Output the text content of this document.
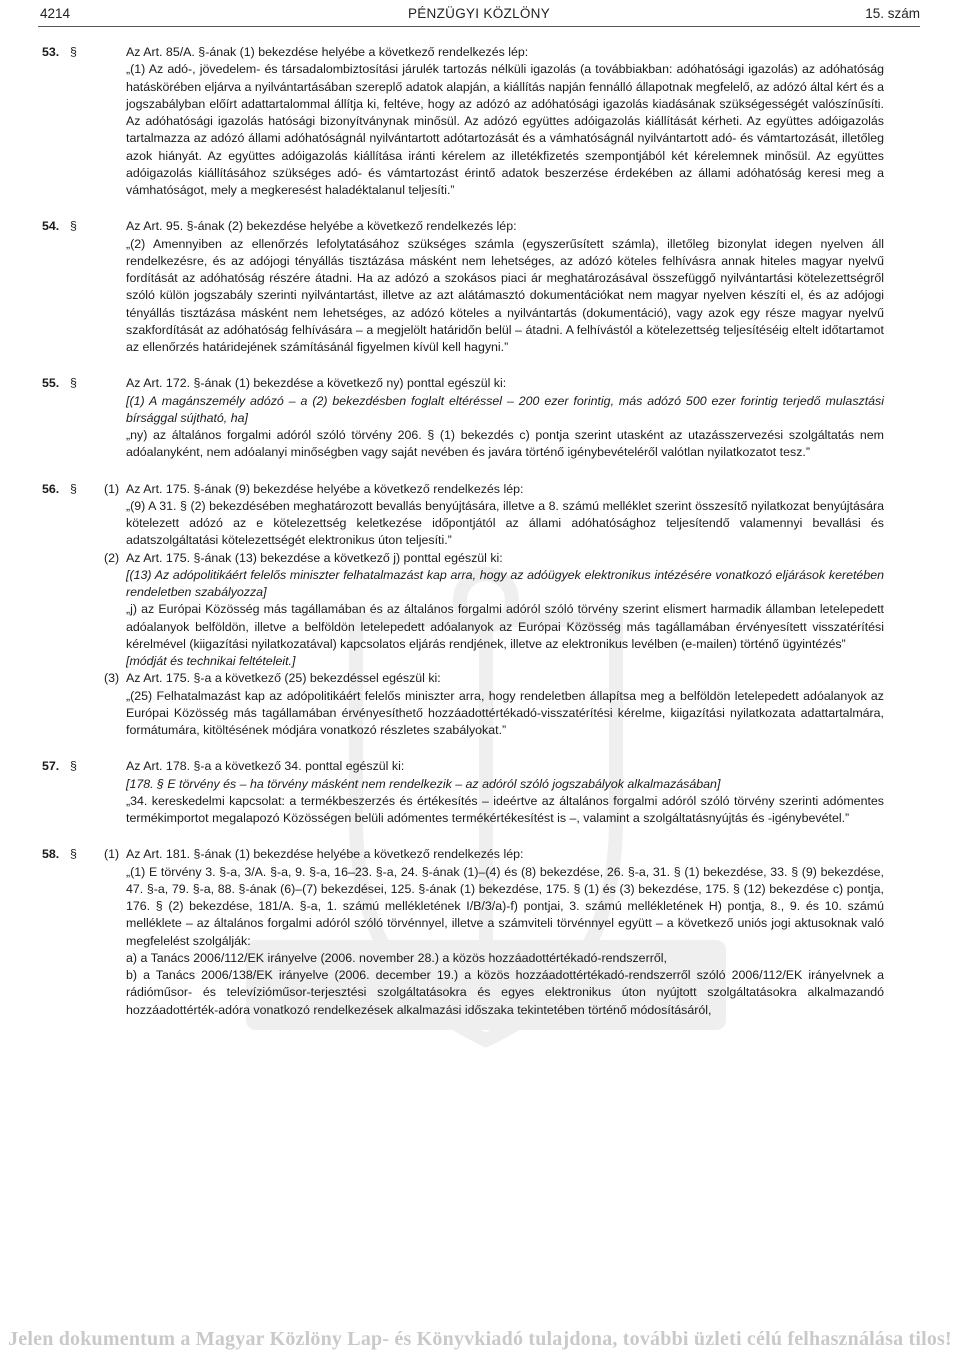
4214	PÉNZÜGYI KÖZLÖNY	15. szám
53. §	Az Art. 85/A. §-ának (1) bekezdése helyébe a következő rendelkezés lép:

„(1) Az adó-, jövedelem- és társadalombiztosítási járulék tartozás nélküli igazolás (a továbbiakban: adóhatósági igazolás) az adóhatóság hatáskörében eljárva a nyilvántartásában szereplő adatok alapján, a kiállítás napján fennálló állapotnak megfelelő, az adózó által kért és a jogszabályban előírt adattartalommal állítja ki, feltéve, hogy az adózó az adóhatósági igazolás kiadásának szükségességét valószínűsíti. Az adóhatósági igazolás hatósági bizonyítványnak minősül. Az adózó együttes adóigazolás kiállítását kérheti. Az együttes adóigazolás tartalmazza az adózó állami adóhatóságnál nyilvántartott adótartozását és a vámhatóságnál nyilvántartott adó- és vámtartozását, illetőleg azok hiányát. Az együttes adóigazolás kiállítása iránti kérelem az illetékfizetés szempontjából két kérelemnek minősül. Az együttes adóigazolás kiállításához szükséges adó- és vámtartozást érintő adatok beszerzése érdekében az állami adóhatóság keresi meg a vámhatóságot, mely a megkeresést haladéktalanul teljesíti.”

54. §	Az Art. 95. §-ának (2) bekezdése helyébe a következő rendelkezés lép:

„(2) Amennyiben az ellenőrzés lefolytatásához szükséges számla (egyszerűsített számla), illetőleg bizonylat idegen nyelven áll rendelkezésre, és az adójogi tényállás tisztázása másként nem lehetséges, az adózó köteles felhívásra annak hiteles magyar nyelvű fordítását az adóhatóság részére átadni. Ha az adózó a szokásos piaci ár meghatározásával összefüggő nyilvántartási kötelezettségről szóló külön jogszabály szerinti nyilvántartást, illetve az azt alátámasztó dokumentációkat nem magyar nyelven készíti el, és az adójogi tényállás tisztázása másként nem lehetséges, az adózó köteles a nyilvántartás (dokumentáció), vagy azok egy része magyar nyelvű szakfordítását az adóhatóság felhívására – a megjelölt határidőn belül – átadni. A felhívástól a kötelezettség teljesítéséig eltelt időtartamot az ellenőrzés határidejének számításánál figyelmen kívül kell hagyni.”

55. §	Az Art. 172. §-ának (1) bekezdése a következő ny) ponttal egészül ki:

[(1) A magánszemély adózó – a (2) bekezdésben foglalt eltéréssel – 200 ezer forintig, más adózó 500 ezer forintig terjedő mulasztási bírsággal sújtható, ha]

„ny) az általános forgalmi adóról szóló törvény 206. § (1) bekezdés c) pontja szerint utasként az utazásszervezési szolgáltatás nem adóalanyként, nem adóalanyi minőségben vagy saját nevében és javára történő igénybevételéről valótlan nyilatkozatot tesz.”

56. § (1) Az Art. 175. §-ának (9) bekezdése helyébe a következő rendelkezés lép:

„(9) A 31. § (2) bekezdésében meghatározott bevallás benyújtására, illetve a 8. számú melléklet szerint összesítő nyilatkozat benyújtására kötelezett adózó az e kötelezettség keletkezése időpontjától az állami adóhatósághoz teljesítendő valamennyi bevallási és adatszolgáltatási kötelezettségét elektronikus úton teljesíti.”

(2) Az Art. 175. §-ának (13) bekezdése a következő j) ponttal egészül ki:

[(13) Az adópolitikáért felelős miniszter felhatalmazást kap arra, hogy az adóügyek elektronikus intézésére vonatkozó eljárások keretében rendeletben szabályozza]

„j) az Európai Közösség más tagállamában és az általános forgalmi adóról szóló törvény szerint elismert harmadik államban letelepedett adóalanyok belföldön, illetve a belföldön letelepedett adóalanyok az Európai Közösség más tagállamában érvényesített visszatérítési kérelmével (kiigazítási nyilatkozatával) kapcsolatos eljárás rendjének, illetve az elektronikus levélben (e-mailen) történő ügyintézés”

[módját és technikai feltételeit.]

(3) Az Art. 175. §-a a következő (25) bekezdéssel egészül ki:

„(25) Felhatalmazást kap az adópolitikáért felelős miniszter arra, hogy rendeletben állapítsa meg a belföldön letelepedett adóalanyok az Európai Közösség más tagállamában érvényesíthető hozzáadottértékadó-visszatérítési kérelme, kiigazítási nyilatkozata adattartalmára, formátumára, kitöltésének módjára vonatkozó részletes szabályokat.”

57. §	Az Art. 178. §-a a következő 34. ponttal egészül ki:

[178. § E törvény és – ha törvény másként nem rendelkezik – az adóról szóló jogszabályok alkalmazásában]

„34. kereskedelmi kapcsolat: a termékbeszerzés és értékesítés – ideértve az általános forgalmi adóról szóló törvény szerinti adómentes termékimportot megalapozó Közösségen belüli adómentes termékértékesítést is –, valamint a szolgáltatásnyújtás és -igénybevétel.”

58. § (1) Az Art. 181. §-ának (1) bekezdése helyébe a következő rendelkezés lép:

„(1) E törvény 3. §-a, 3/A. §-a, 9. §-a, 16–23. §-a, 24. §-ának (1)–(4) és (8) bekezdése, 26. §-a, 31. § (1) bekezdése, 33. § (9) bekezdése, 47. §-a, 79. §-a, 88. §-ának (6)–(7) bekezdései, 125. §-ának (1) bekezdése, 175. § (1) és (3) bekezdése, 175. § (12) bekezdése c) pontja, 176. § (2) bekezdése, 181/A. §-a, 1. számú mellékletének I/B/3/a)-f) pontjai, 3. számú mellékletének H) pontja, 8., 9. és 10. számú melléklete – az általános forgalmi adóról szóló törvénnyel, illetve a számviteli törvénnyel együtt – a következő uniós jogi aktusoknak való megfelelést szolgálják:

a) a Tanács 2006/112/EK irányelve (2006. november 28.) a közös hozzáadottértékadó-rendszerről,

b) a Tanács 2006/138/EK irányelve (2006. december 19.) a közös hozzáadottértékadó-rendszerről szóló 2006/112/EK irányelvnek a rádióműsor- és televízióműsor-terjesztési szolgáltatásokra és egyes elektronikus úton nyújtott szolgáltatásokra alkalmazandó hozzáadottérték-adóra vonatkozó rendelkezések alkalmazási időszaka tekintetében történő módosításáról,

Jelen dokumentum a Magyar Közlöny Lap- és Könyvkiadó tulajdona, további üzleti célú felhasználása tilos!
